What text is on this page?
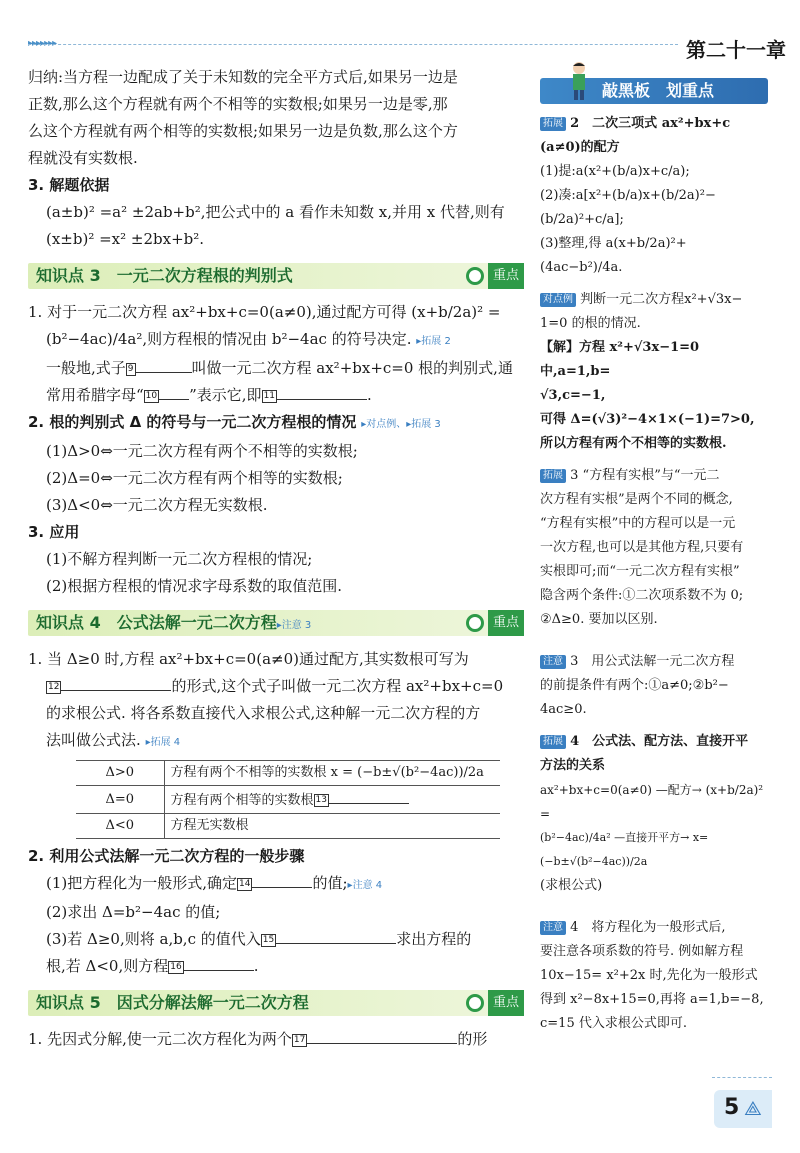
▸▸▸▸▸▸▸	第二十一章

归纳:当方程一边配成了关于未知数的完全平方式后,如果另一边是

正数,那么这个方程就有两个不相等的实数根;如果另一边是零,那

么这个方程就有两个相等的实数根;如果另一边是负数,那么这个方

程就没有实数根.

3. 解题依据

(a±b)² =a² ±2ab+b²,把公式中的 a 看作未知数 x,并用 x 代替,则有

(x±b)² =x² ±2bx+b².

知识点 3　一元二次方程根的判别式	重点

1. 对于一元二次方程 ax²+bx+c=0(a≠0),通过配方可得 (x+b/2a)² =

(b²−4ac)/4a²,则方程根的情况由 b²−4ac 的符号决定. ▸拓展 2

一般地,式子 9	叫做一元二次方程 ax²+bx+c=0 根的判别式,通

常用希腊字母“ 10 ”表示它,即 11	.

2. 根的判别式 Δ 的符号与一元二次方程根的情况 ▸对点例、▸拓展 3

(1)Δ>0⇔一元二次方程有两个不相等的实数根;

(2)Δ=0⇔一元二次方程有两个相等的实数根;

(3)Δ<0⇔一元二次方程无实数根.

3. 应用

(1)不解方程判断一元二次方程根的情况;

(2)根据方程根的情况求字母系数的取值范围.

知识点 4　公式法解一元二次方程▸注意 3	重点

1. 当 Δ≥0 时,方程 ax²+bx+c=0(a≠0)通过配方,其实数根可写为

12	的形式,这个式子叫做一元二次方程 ax²+bx+c=0

的求根公式. 将各系数直接代入求根公式,这种解一元二次方程的方

法叫做公式法. ▸拓展 4

Δ>0	方程有两个不相等的实数根 x = (−b±√(b²−4ac))/2a
Δ=0	方程有两个相等的实数根 13
Δ<0	方程无实数根

2. 利用公式法解一元二次方程的一般步骤

(1)把方程化为一般形式,确定 14	的值;▸注意 4

(2)求出 Δ=b²−4ac 的值;

(3)若 Δ≥0,则将 a,b,c 的值代入 15	求出方程的

根,若 Δ<0,则方程 16	.

知识点 5　因式分解法解一元二次方程	重点

1. 先因式分解,使一元二次方程化为两个 17	的形

敲黑板　划重点

拓展 2　二次三项式 ax²+bx+c

(a≠0)的配方

(1)提:a(x²+(b/a)x+c/a);

(2)凑:a[x²+(b/a)x+(b/2a)²−

(b/2a)²+c/a];

(3)整理,得 a(x+b/2a)²+(4ac−b²)/4a.

对点例 判断一元二次方程x²+√3x−

1=0 的根的情况.

【解】方程 x²+√3x−1=0 中,a=1,b=

√3,c=−1,

可得 Δ=(√3)²−4×1×(−1)=7>0,

所以方程有两个不相等的实数根.

拓展 3 “方程有实根”与“一元二

次方程有实根”是两个不同的概念,

“方程有实根”中的方程可以是一元

一次方程,也可以是其他方程,只要有

实根即可;而“一元二次方程有实根”

隐含两个条件:①二次项系数不为 0;

②Δ≥0. 要加以区别.

注意 3　用公式法解一元二次方程

的前提条件有两个:①a≠0;②b²−

4ac≥0.

拓展 4　公式法、配方法、直接开平

方法的关系

ax²+bx+c=0(a≠0) —配方→ (x+b/2a)² =

(b²−4ac)/4a² —直接开平方→ x=(−b±√(b²−4ac))/2a

(求根公式)

注意 4　将方程化为一般形式后,

要注意各项系数的符号. 例如解方程

10x−15= x²+2x 时,先化为一般形式

得到 x²−8x+15=0,再将 a=1,b=−8,

c=15 代入求根公式即可.

5 ⟁
